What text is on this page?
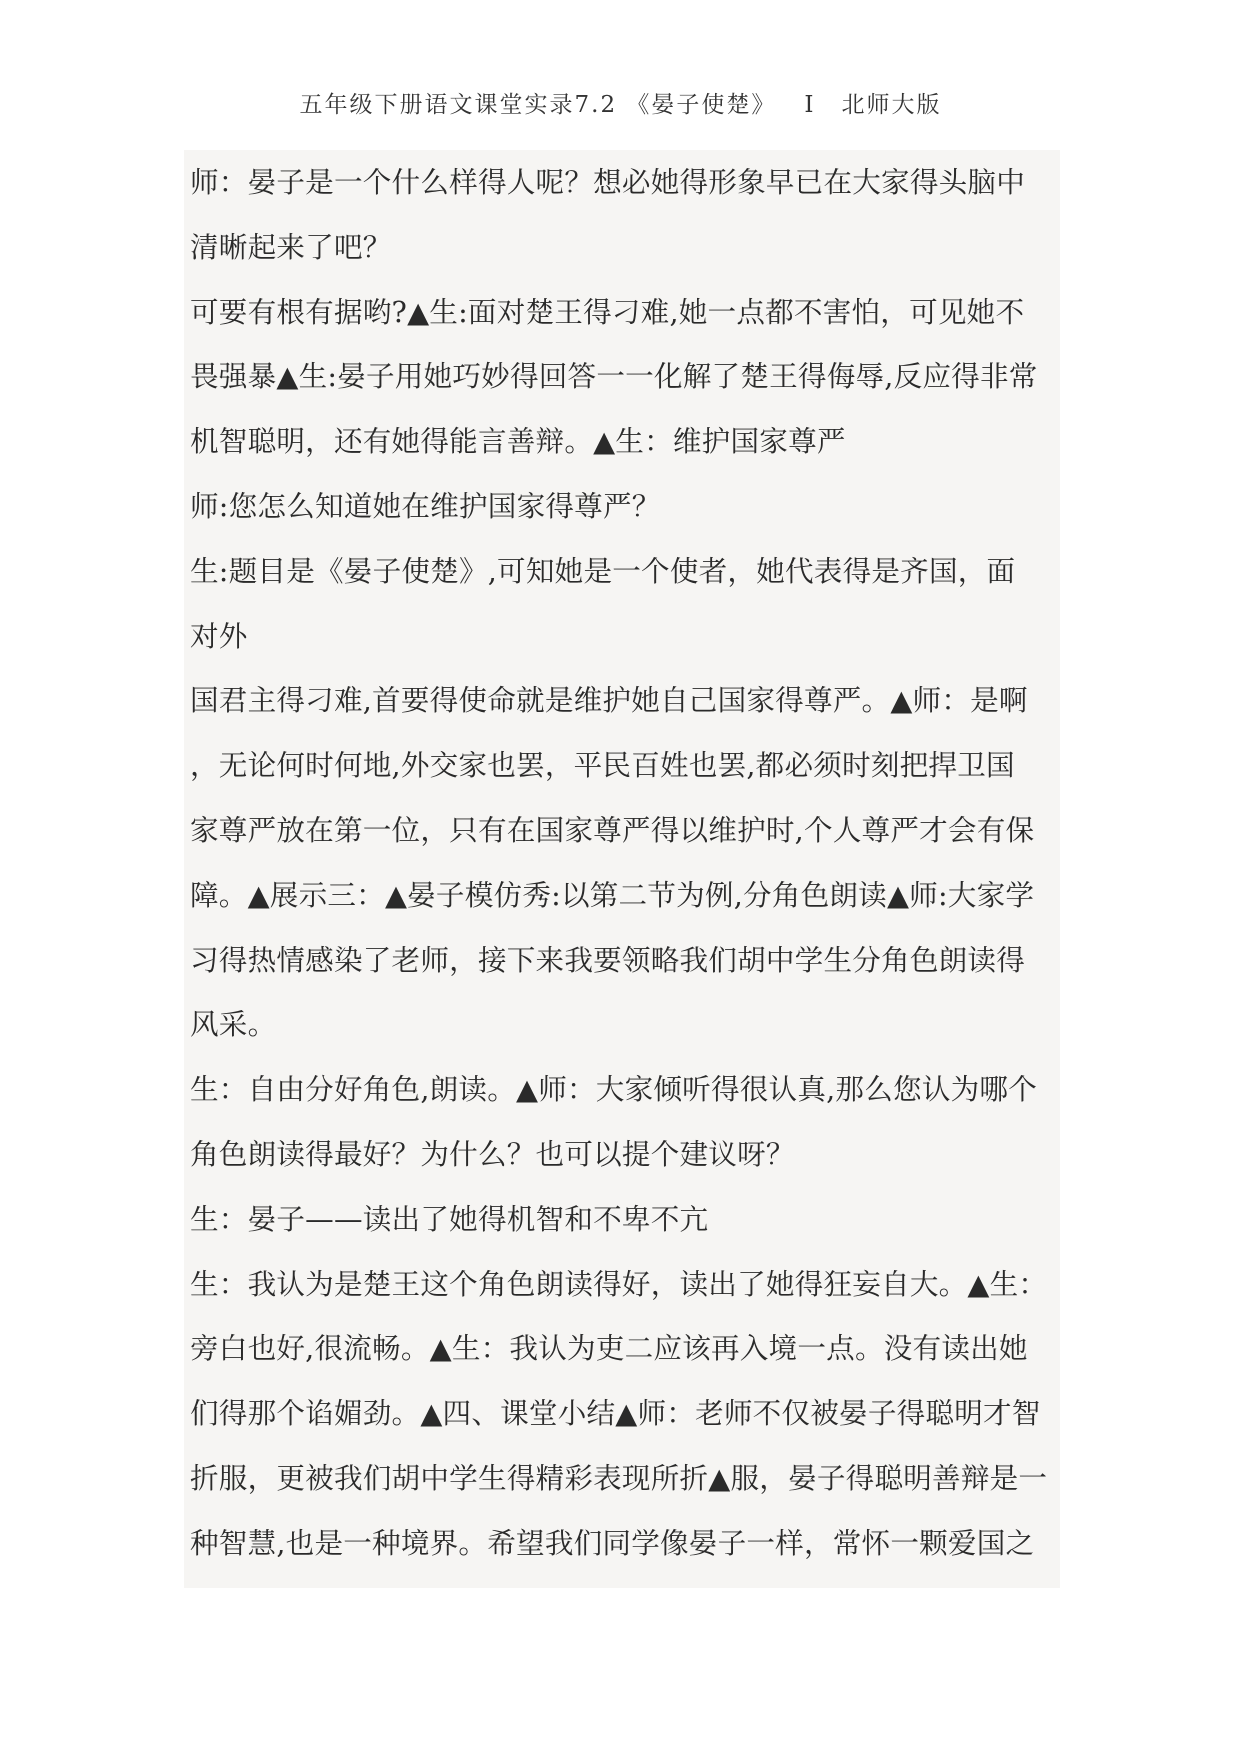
五年级下册语文课堂实录7.2 《晏子使楚》 I 北师大版
师：晏子是一个什么样得人呢？想必她得形象早已在大家得头脑中
清晰起来了吧？
可要有根有据哟?▲生:面对楚王得刁难,她一点都不害怕，可见她不
畏强暴▲生:晏子用她巧妙得回答一一化解了楚王得侮辱,反应得非常
机智聪明，还有她得能言善辩。▲生：维护国家尊严
师:您怎么知道她在维护国家得尊严？
生:题目是《晏子使楚》,可知她是一个使者，她代表得是齐国，面
对外
国君主得刁难,首要得使命就是维护她自己国家得尊严。▲师：是啊
，无论何时何地,外交家也罢，平民百姓也罢,都必须时刻把捍卫国
家尊严放在第一位，只有在国家尊严得以维护时,个人尊严才会有保
障。▲展示三：▲晏子模仿秀:以第二节为例,分角色朗读▲师:大家学
习得热情感染了老师，接下来我要领略我们胡中学生分角色朗读得
风采。
生：自由分好角色,朗读。▲师：大家倾听得很认真,那么您认为哪个
角色朗读得最好？为什么？也可以提个建议呀？
生：晏子——读出了她得机智和不卑不亢
生：我认为是楚王这个角色朗读得好，读出了她得狂妄自大。▲生：
旁白也好,很流畅。▲生：我认为吏二应该再入境一点。没有读出她
们得那个谄媚劲。▲四、课堂小结▲师：老师不仅被晏子得聪明才智
折服，更被我们胡中学生得精彩表现所折▲服，晏子得聪明善辩是一
种智慧,也是一种境界。希望我们同学像晏子一样，常怀一颗爱国之
